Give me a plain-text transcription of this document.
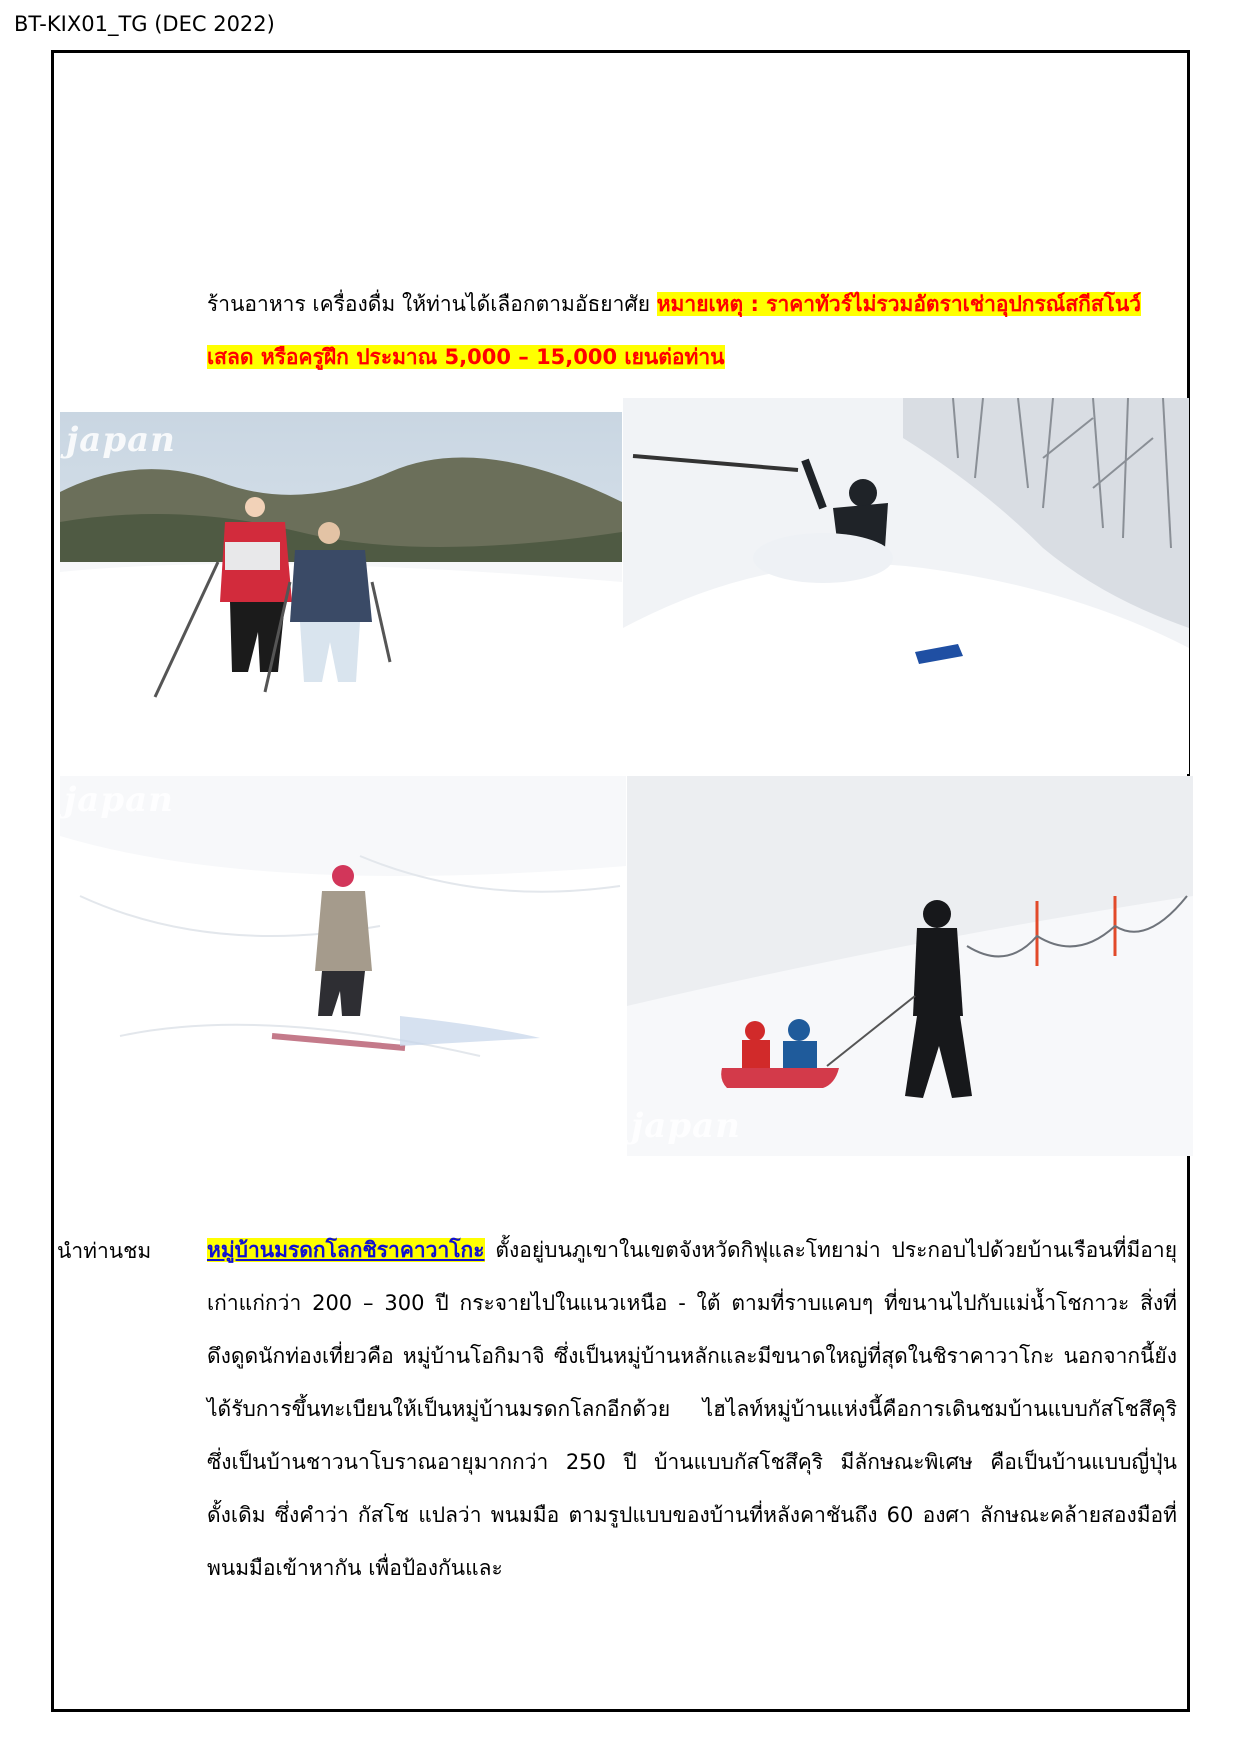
BT-KIX01_TG (DEC 2022)
ร้านอาหาร เครื่องดื่ม ให้ท่านได้เลือกตามอัธยาศัย หมายเหตุ : ราคาทัวร์ไม่รวมอัตราเช่าอุปกรณ์สกีสโนว์เสลด หรือครูฝึก ประมาณ 5,000 – 15,000 เยนต่อท่าน
japan
japan
japan
japan
นำท่านชม	หมู่บ้านมรดกโลกชิราคาวาโกะ ตั้งอยู่บนภูเขาในเขตจังหวัดกิฟุและโทยาม่า ประกอบไปด้วยบ้านเรือนที่มีอายุเก่าแก่กว่า 200 – 300 ปี กระจายไปในแนวเหนือ - ใต้ ตามที่ราบแคบๆ ที่ขนานไปกับแม่น้ำโชกาวะ สิ่งที่ดึงดูดนักท่องเที่ยวคือ หมู่บ้านโอกิมาจิ ซึ่งเป็นหมู่บ้านหลักและมีขนาดใหญ่ที่สุดในชิราคาวาโกะ นอกจากนี้ยังได้รับการขึ้นทะเบียนให้เป็นหมู่บ้านมรดกโลกอีกด้วย ไฮไลท์หมู่บ้านแห่งนี้คือการเดินชมบ้านแบบกัสโชสึคุริ ซึ่งเป็นบ้านชาวนาโบราณอายุมากกว่า 250 ปี บ้านแบบกัสโชสึคุริ มีลักษณะพิเศษ คือเป็นบ้านแบบญี่ปุ่นดั้งเดิม ซึ่งคำว่า กัสโช แปลว่า พนมมือ ตามรูปแบบของบ้านที่หลังคาชันถึง 60 องศา ลักษณะคล้ายสองมือที่พนมมือเข้าหากัน เพื่อป้องกันและ
